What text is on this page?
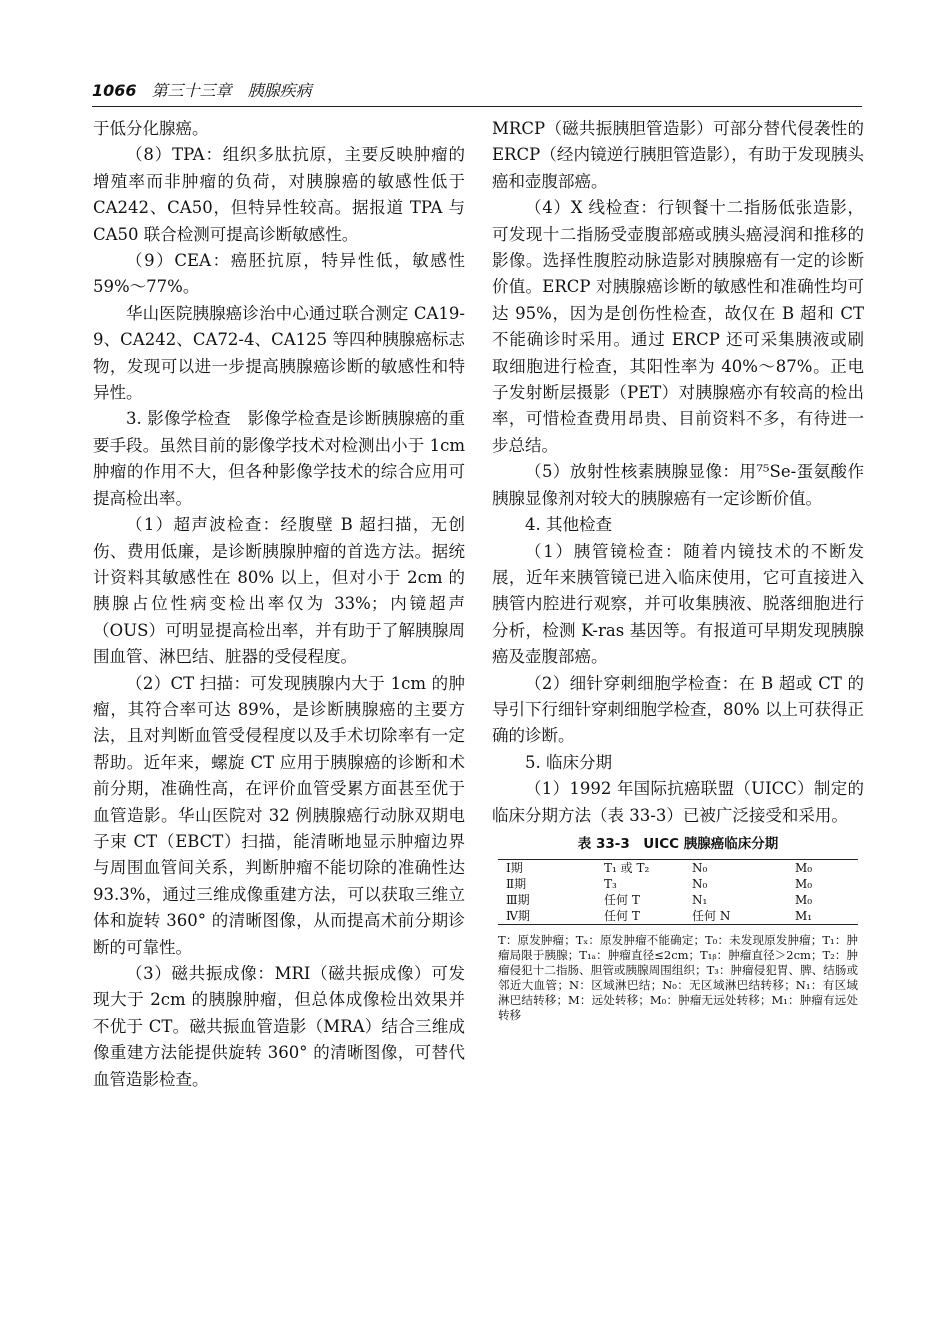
1066 第三十三章　胰腺疾病

于低分化腺癌。

（8）TPA：组织多肽抗原，主要反映肿瘤的增殖率而非肿瘤的负荷，对胰腺癌的敏感性低于 CA242、CA50，但特异性较高。据报道 TPA 与 CA50 联合检测可提高诊断敏感性。

（9）CEA：癌胚抗原，特异性低，敏感性 59%～77%。

华山医院胰腺癌诊治中心通过联合测定 CA19-9、CA242、CA72-4、CA125 等四种胰腺癌标志物，发现可以进一步提高胰腺癌诊断的敏感性和特异性。

3. 影像学检查　影像学检查是诊断胰腺癌的重要手段。虽然目前的影像学技术对检测出小于 1cm 肿瘤的作用不大，但各种影像学技术的综合应用可提高检出率。

（1）超声波检查：经腹壁 B 超扫描，无创伤、费用低廉，是诊断胰腺肿瘤的首选方法。据统计资料其敏感性在 80% 以上，但对小于 2cm 的胰腺占位性病变检出率仅为 33%；内镜超声（OUS）可明显提高检出率，并有助于了解胰腺周围血管、淋巴结、脏器的受侵程度。

（2）CT 扫描：可发现胰腺内大于 1cm 的肿瘤，其符合率可达 89%，是诊断胰腺癌的主要方法，且对判断血管受侵程度以及手术切除率有一定帮助。近年来，螺旋 CT 应用于胰腺癌的诊断和术前分期，准确性高，在评价血管受累方面甚至优于血管造影。华山医院对 32 例胰腺癌行动脉双期电子束 CT（EBCT）扫描，能清晰地显示肿瘤边界与周围血管间关系，判断肿瘤不能切除的准确性达 93.3%，通过三维成像重建方法，可以获取三维立体和旋转 360° 的清晰图像，从而提高术前分期诊断的可靠性。

（3）磁共振成像：MRI（磁共振成像）可发现大于 2cm 的胰腺肿瘤，但总体成像检出效果并不优于 CT。磁共振血管造影（MRA）结合三维成像重建方法能提供旋转 360° 的清晰图像，可替代血管造影检查。

MRCP（磁共振胰胆管造影）可部分替代侵袭性的 ERCP（经内镜逆行胰胆管造影），有助于发现胰头癌和壶腹部癌。

（4）X 线检查：行钡餐十二指肠低张造影，可发现十二指肠受壶腹部癌或胰头癌浸润和推移的影像。选择性腹腔动脉造影对胰腺癌有一定的诊断价值。ERCP 对胰腺癌诊断的敏感性和准确性均可达 95%，因为是创伤性检查，故仅在 B 超和 CT 不能确诊时采用。通过 ERCP 还可采集胰液或刷取细胞进行检查，其阳性率为 40%～87%。正电子发射断层摄影（PET）对胰腺癌亦有较高的检出率，可惜检查费用昂贵、目前资料不多，有待进一步总结。

（5）放射性核素胰腺显像：用⁷⁵Se-蛋氨酸作胰腺显像剂对较大的胰腺癌有一定诊断价值。

4. 其他检查

（1）胰管镜检查：随着内镜技术的不断发展，近年来胰管镜已进入临床使用，它可直接进入胰管内腔进行观察，并可收集胰液、脱落细胞进行分析，检测 K-ras 基因等。有报道可早期发现胰腺癌及壶腹部癌。

（2）细针穿刺细胞学检查：在 B 超或 CT 的导引下行细针穿刺细胞学检查，80% 以上可获得正确的诊断。

5. 临床分期

（1）1992 年国际抗癌联盟（UICC）制定的临床分期方法（表 33-3）已被广泛接受和采用。

表 33-3　UICC 胰腺癌临床分期
Ⅰ期	T₁ 或 T₂	N₀	M₀
Ⅱ期	T₃	N₀	M₀
Ⅲ期	任何 T	N₁	M₀
Ⅳ期	任何 T	任何 N	M₁
T：原发肿瘤；Tₓ：原发肿瘤不能确定；T₀：未发现原发肿瘤；T₁：肿瘤局限于胰腺；T₁ₐ：肿瘤直径≤2cm；T₁ᵦ：肿瘤直径＞2cm；T₂：肿瘤侵犯十二指肠、胆管或胰腺周围组织；T₃：肿瘤侵犯胃、脾、结肠或邻近大血管；N：区域淋巴结；N₀：无区域淋巴结转移；N₁：有区域淋巴结转移；M：远处转移；M₀：肿瘤无远处转移；M₁：肿瘤有远处转移
